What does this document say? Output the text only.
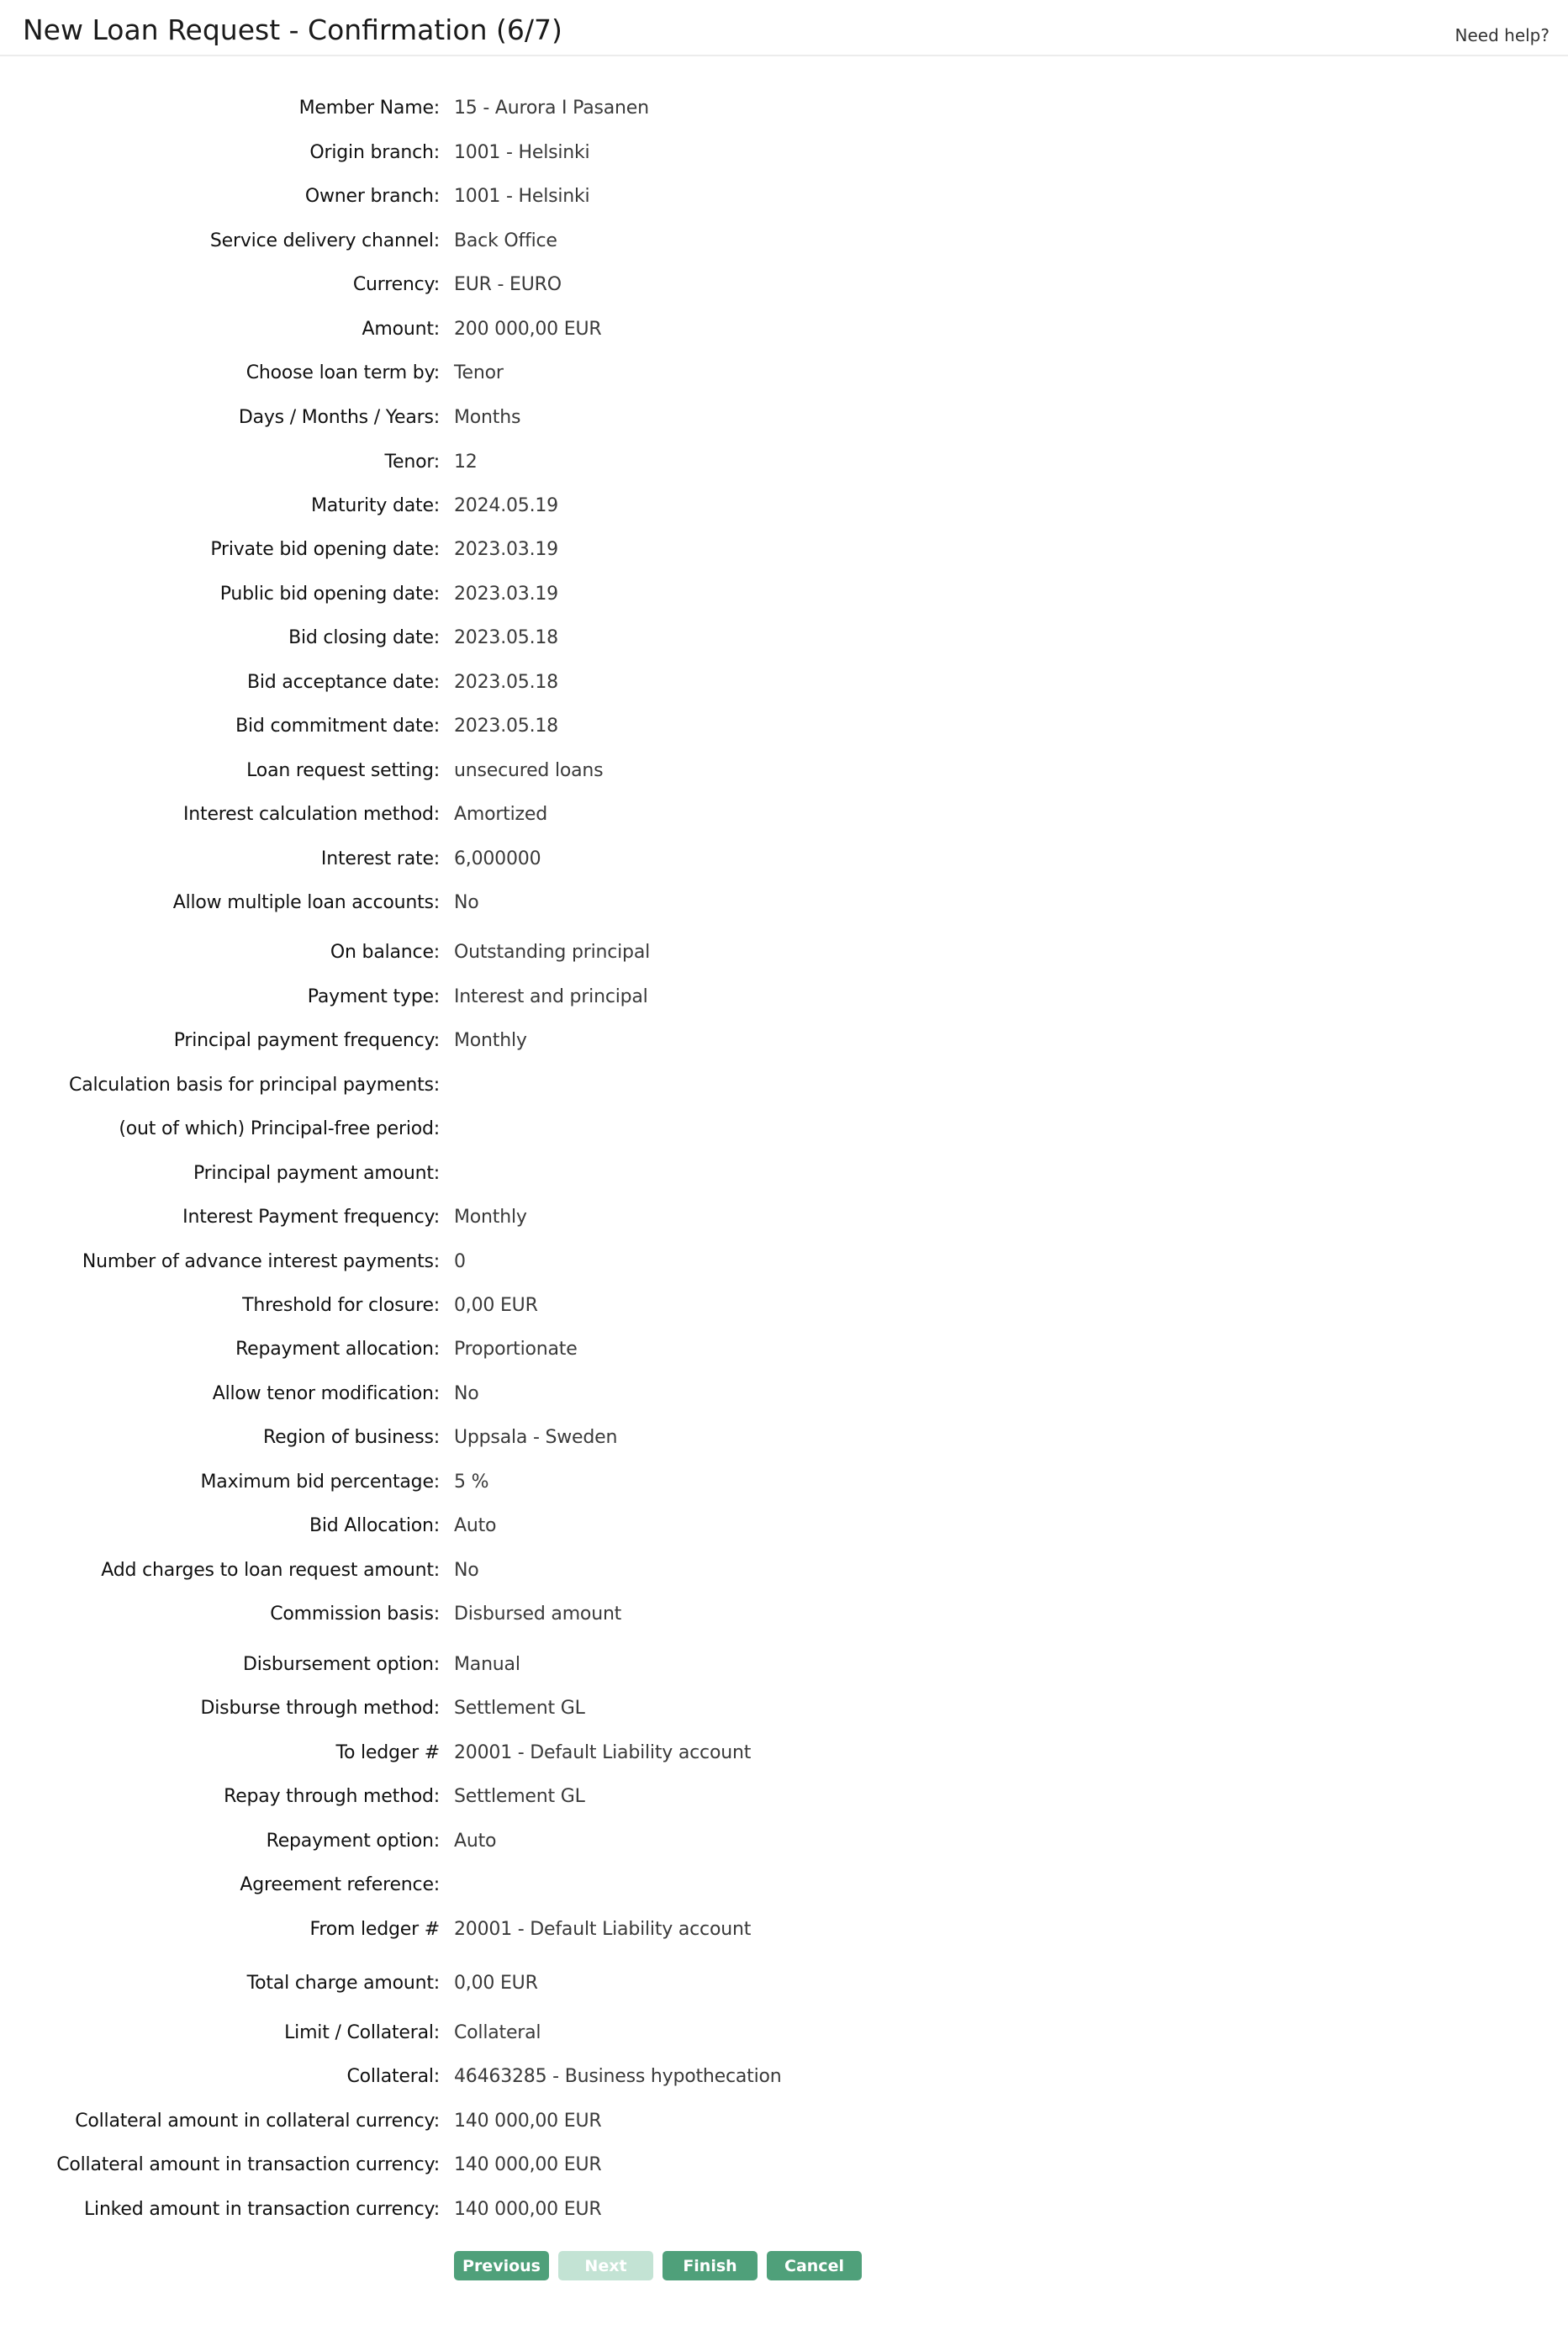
New Loan Request - Confirmation (6/7)	Need help?
Member Name: 15 - Aurora I Pasanen
Origin branch: 1001 - Helsinki
Owner branch: 1001 - Helsinki
Service delivery channel: Back Office
Currency: EUR - EURO
Amount: 200 000,00 EUR
Choose loan term by: Tenor
Days / Months / Years: Months
Tenor: 12
Maturity date: 2024.05.19
Private bid opening date: 2023.03.19
Public bid opening date: 2023.03.19
Bid closing date: 2023.05.18
Bid acceptance date: 2023.05.18
Bid commitment date: 2023.05.18
Loan request setting: unsecured loans
Interest calculation method: Amortized
Interest rate: 6,000000
Allow multiple loan accounts: No
On balance: Outstanding principal
Payment type: Interest and principal
Principal payment frequency: Monthly
Calculation basis for principal payments:
(out of which) Principal-free period:
Principal payment amount:
Interest Payment frequency: Monthly
Number of advance interest payments: 0
Threshold for closure: 0,00 EUR
Repayment allocation: Proportionate
Allow tenor modification: No
Region of business: Uppsala - Sweden
Maximum bid percentage: 5 %
Bid Allocation: Auto
Add charges to loan request amount: No
Commission basis: Disbursed amount
Disbursement option: Manual
Disburse through method: Settlement GL
To ledger # 20001 - Default Liability account
Repay through method: Settlement GL
Repayment option: Auto
Agreement reference:
From ledger # 20001 - Default Liability account
Total charge amount: 0,00 EUR
Limit / Collateral: Collateral
Collateral: 46463285 - Business hypothecation
Collateral amount in collateral currency: 140 000,00 EUR
Collateral amount in transaction currency: 140 000,00 EUR
Linked amount in transaction currency: 140 000,00 EUR
Previous	Next	Finish	Cancel
